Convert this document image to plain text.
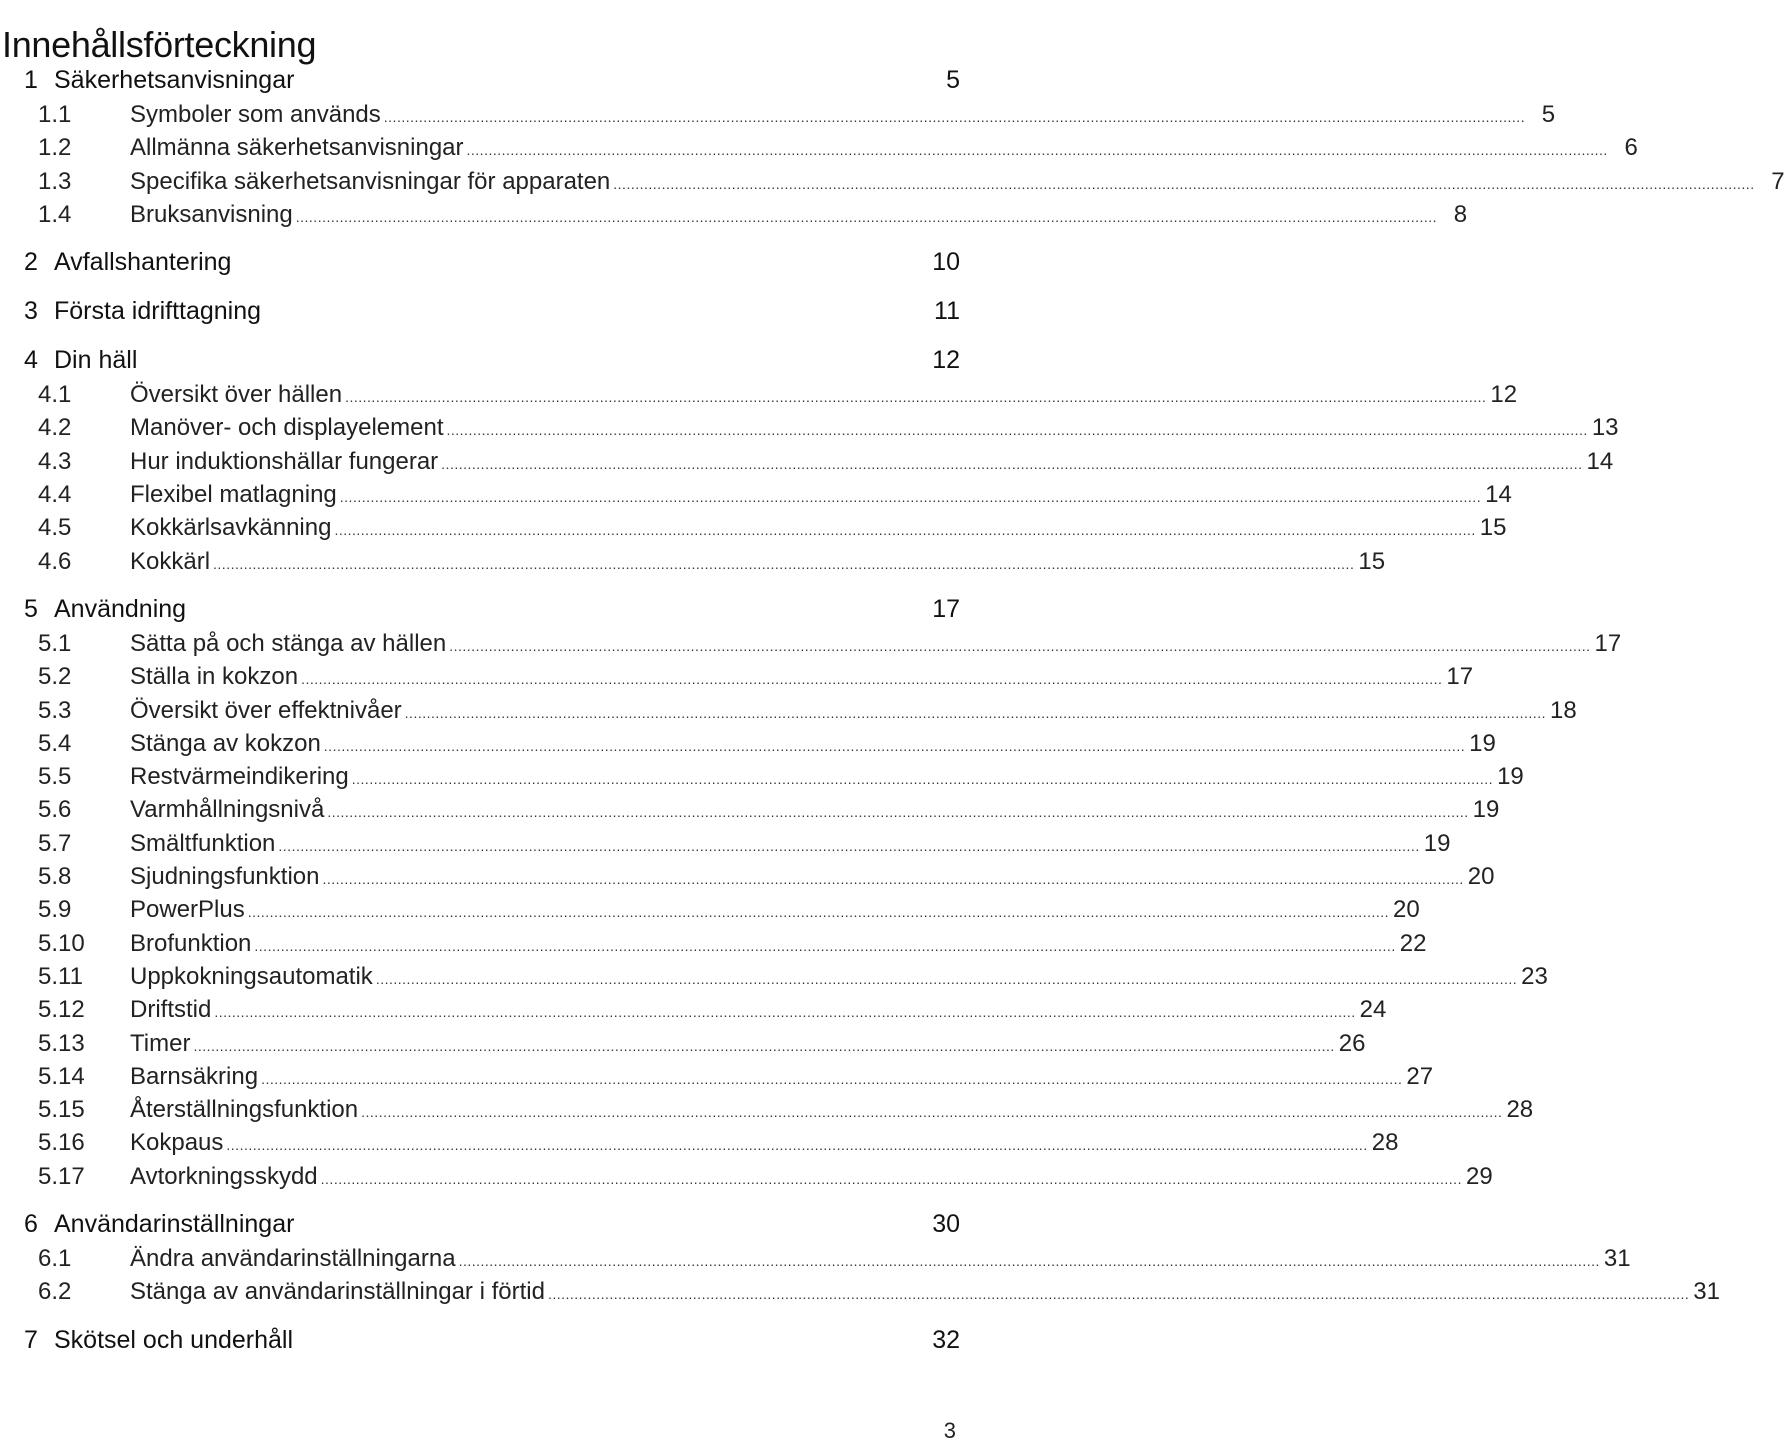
Innehållsförteckning
1 Säkerhetsanvisningar	5
1.1	Symboler som används .................................................................................................................................................................................................................................................................... 5
1.2	Allmänna säkerhetsanvisningar .................................................................................................................................................................................................................................................................... 6
1.3	Specifika säkerhetsanvisningar för apparaten .................................................................................................................................................................................................................................................................... 7
1.4	Bruksanvisning .................................................................................................................................................................................................................................................................... 8
2 Avfallshantering	10
3 Första idrifttagning	11
4 Din häll	12
4.1	Översikt över hällen .................................................................................................................................................................................................................................................................... 12
4.2	Manöver- och displayelement .................................................................................................................................................................................................................................................................... 13
4.3	Hur induktionshällar fungerar .................................................................................................................................................................................................................................................................... 14
4.4	Flexibel matlagning .................................................................................................................................................................................................................................................................... 14
4.5	Kokkärlsavkänning .................................................................................................................................................................................................................................................................... 15
4.6	Kokkärl .................................................................................................................................................................................................................................................................... 15
5 Användning	17
5.1	Sätta på och stänga av hällen .................................................................................................................................................................................................................................................................... 17
5.2	Ställa in kokzon .................................................................................................................................................................................................................................................................... 17
5.3	Översikt över effektnivåer .................................................................................................................................................................................................................................................................... 18
5.4	Stänga av kokzon .................................................................................................................................................................................................................................................................... 19
5.5	Restvärmeindikering .................................................................................................................................................................................................................................................................... 19
5.6	Varmhållningsnivå .................................................................................................................................................................................................................................................................... 19
5.7	Smältfunktion .................................................................................................................................................................................................................................................................... 19
5.8	Sjudningsfunktion .................................................................................................................................................................................................................................................................... 20
5.9	PowerPlus .................................................................................................................................................................................................................................................................... 20
5.10	Brofunktion .................................................................................................................................................................................................................................................................... 22
5.11	Uppkokningsautomatik .................................................................................................................................................................................................................................................................... 23
5.12	Driftstid .................................................................................................................................................................................................................................................................... 24
5.13	Timer .................................................................................................................................................................................................................................................................... 26
5.14	Barnsäkring .................................................................................................................................................................................................................................................................... 27
5.15	Återställningsfunktion .................................................................................................................................................................................................................................................................... 28
5.16	Kokpaus .................................................................................................................................................................................................................................................................... 28
5.17	Avtorkningsskydd .................................................................................................................................................................................................................................................................... 29
6 Användarinställningar	30
6.1	Ändra användarinställningarna .................................................................................................................................................................................................................................................................... 31
6.2	Stänga av användarinställningar i förtid .................................................................................................................................................................................................................................................................... 31
7 Skötsel och underhåll	32
3
